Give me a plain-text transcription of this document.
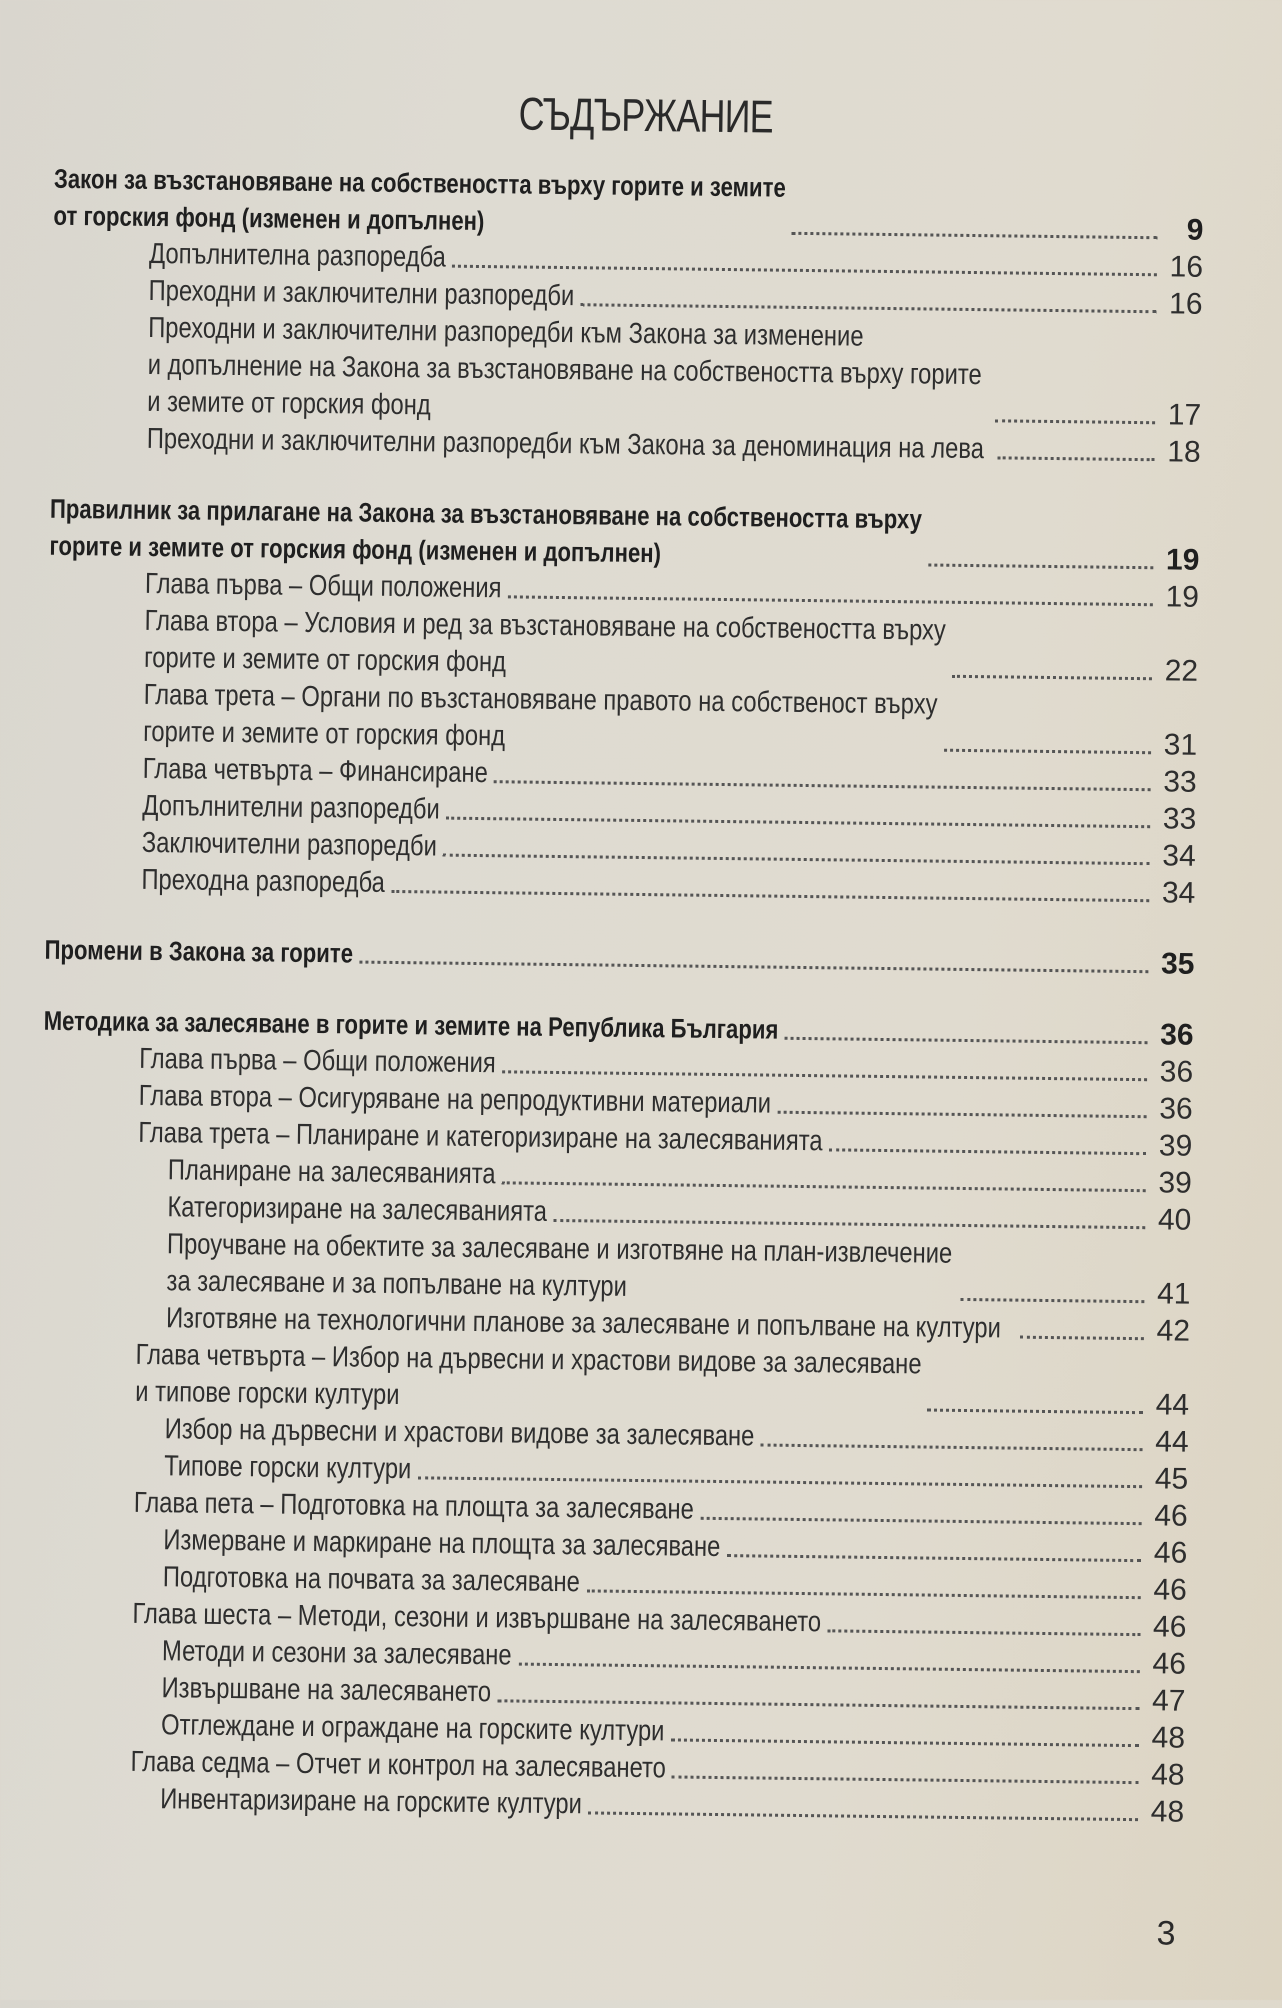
СЪДЪРЖАНИЕ
Закон за възстановяване на собствеността върху горите и земите
от горския фонд (изменен и допълнен)	9
Допълнителна разпоредба	16
Преходни и заключителни разпоредби	16
Преходни и заключителни разпоредби към Закона за изменение
и допълнение на Закона за възстановяване на собствеността върху горите
и земите от горския фонд	17
Преходни и заключителни разпоредби към Закона за деноминация на лева	18
Правилник за прилагане на Закона за възстановяване на собствеността върху
горите и земите от горския фонд (изменен и допълнен)	19
Глава първа – Общи положения	19
Глава втора – Условия и ред за възстановяване на собствеността върху
горите и земите от горския фонд	22
Глава трета – Органи по възстановяване правото на собственост върху
горите и земите от горския фонд	31
Глава четвърта – Финансиране	33
Допълнителни разпоредби	33
Заключителни разпоредби	34
Преходна разпоредба	34
Промени в Закона за горите	35
Методика за залесяване в горите и земите на Република България	36
Глава първа – Общи положения	36
Глава втора – Осигуряване на репродуктивни материали	36
Глава трета – Планиране и категоризиране на залесяванията	39
Планиране на залесяванията	39
Категоризиране на залесяванията	40
Проучване на обектите за залесяване и изготвяне на план-извлечение
за залесяване и за попълване на култури	41
Изготвяне на технологични планове за залесяване и попълване на култури	42
Глава четвърта – Избор на дървесни и храстови видове за залесяване
и типове горски култури	44
Избор на дървесни и храстови видове за залесяване	44
Типове горски култури	45
Глава пета – Подготовка на площта за залесяване	46
Измерване и маркиране на площта за залесяване	46
Подготовка на почвата за залесяване	46
Глава шеста – Методи, сезони и извършване на залесяването	46
Методи и сезони за залесяване	46
Извършване на залесяването	47
Отглеждане и ограждане на горските култури	48
Глава седма – Отчет и контрол на залесяването	48
Инвентаризиране на горските култури	48
3
